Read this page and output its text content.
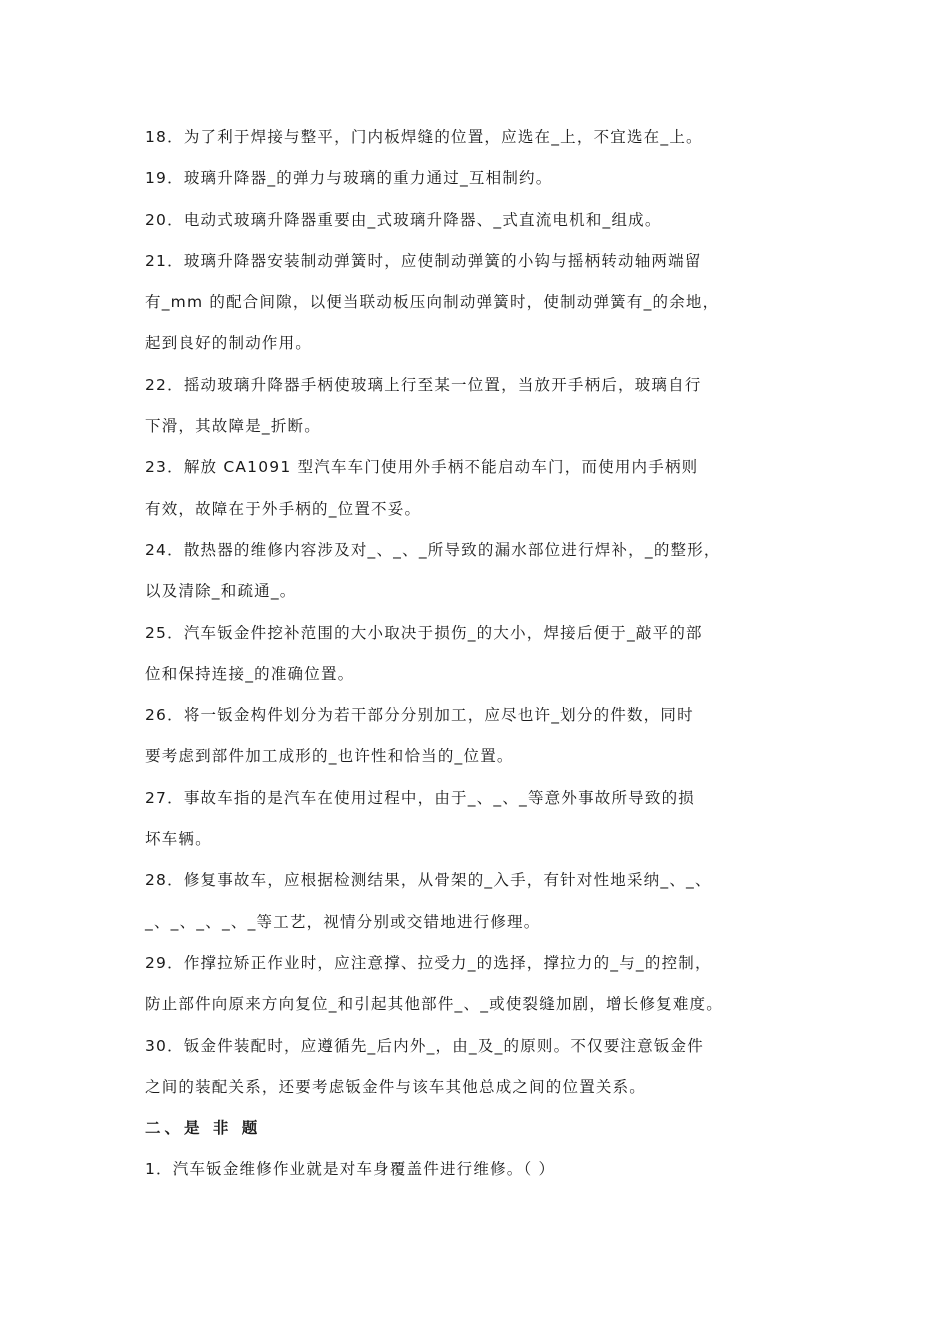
18．为了利于焊接与整平，门内板焊缝的位置，应选在_上，不宜选在_上。
19．玻璃升降器_的弹力与玻璃的重力通过_互相制约。
20．电动式玻璃升降器重要由_式玻璃升降器、_式直流电机和_组成。
21．玻璃升降器安装制动弹簧时，应使制动弹簧的小钩与摇柄转动轴两端留
有_mm 的配合间隙，以便当联动板压向制动弹簧时，使制动弹簧有_的余地，
起到良好的制动作用。
22．摇动玻璃升降器手柄使玻璃上行至某一位置，当放开手柄后，玻璃自行
下滑，其故障是_折断。
23．解放 CA1091 型汽车车门使用外手柄不能启动车门，而使用内手柄则
有效，故障在于外手柄的_位置不妥。
24．散热器的维修内容涉及对_、_、_所导致的漏水部位进行焊补，_的整形，
以及清除_和疏通_。
25．汽车钣金件挖补范围的大小取决于损伤_的大小，焊接后便于_敲平的部
位和保持连接_的准确位置。
26．将一钣金构件划分为若干部分分别加工，应尽也许_划分的件数，同时
要考虑到部件加工成形的_也许性和恰当的_位置。
27．事故车指的是汽车在使用过程中，由于_、_、_等意外事故所导致的损
坏车辆。
28．修复事故车，应根据检测结果，从骨架的_入手，有针对性地采纳_、_、
_、_、_、_、_等工艺，视情分别或交错地进行修理。
29．作撑拉矫正作业时，应注意撑、拉受力_的选择，撑拉力的_与_的控制，
防止部件向原来方向复位_和引起其他部件_、_或使裂缝加剧，增长修复难度。
30．钣金件装配时，应遵循先_后内外_，由_及_的原则。不仅要注意钣金件
之间的装配关系，还要考虑钣金件与该车其他总成之间的位置关系。
二、是 非 题
1．汽车钣金维修作业就是对车身覆盖件进行维修。（ ）
